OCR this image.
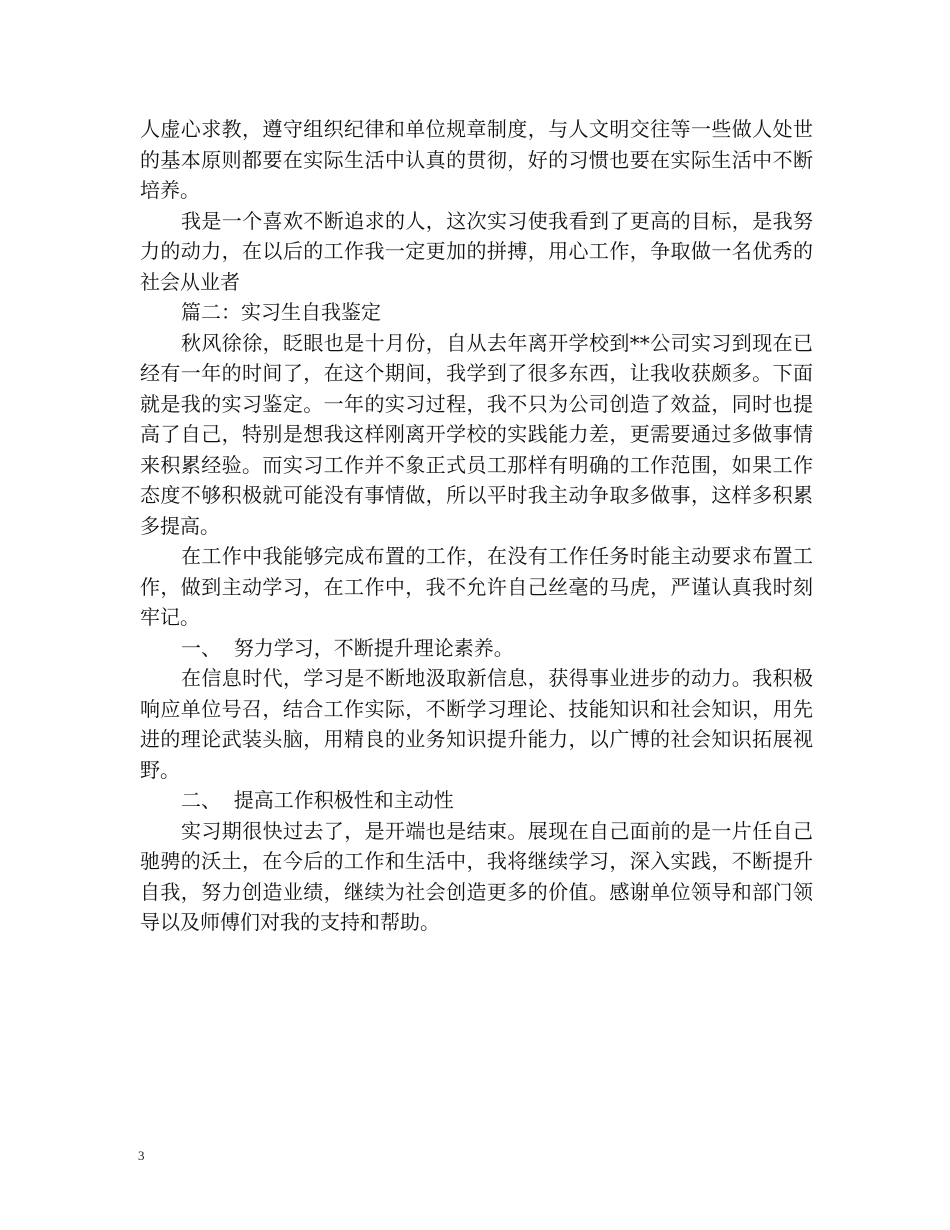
人虚心求教，遵守组织纪律和单位规章制度，与人文明交往等一些做人处世的基本原则都要在实际生活中认真的贯彻，好的习惯也要在实际生活中不断培养。

我是一个喜欢不断追求的人，这次实习使我看到了更高的目标，是我努力的动力，在以后的工作我一定更加的拼搏，用心工作，争取做一名优秀的社会从业者

篇二：实习生自我鉴定

秋风徐徐，眨眼也是十月份，自从去年离开学校到**公司实习到现在已经有一年的时间了，在这个期间，我学到了很多东西，让我收获颇多。下面就是我的实习鉴定。一年的实习过程，我不只为公司创造了效益，同时也提高了自己，特别是想我这样刚离开学校的实践能力差，更需要通过多做事情来积累经验。而实习工作并不象正式员工那样有明确的工作范围，如果工作态度不够积极就可能没有事情做，所以平时我主动争取多做事，这样多积累多提高。

在工作中我能够完成布置的工作，在没有工作任务时能主动要求布置工作，做到主动学习，在工作中，我不允许自己丝毫的马虎，严谨认真我时刻牢记。

一、  努力学习，不断提升理论素养。

在信息时代，学习是不断地汲取新信息，获得事业进步的动力。我积极响应单位号召，结合工作实际，不断学习理论、技能知识和社会知识，用先进的理论武装头脑，用精良的业务知识提升能力，以广博的社会知识拓展视野。

二、  提高工作积极性和主动性

实习期很快过去了，是开端也是结束。展现在自己面前的是一片任自己驰骋的沃土，在今后的工作和生活中，我将继续学习，深入实践，不断提升自我，努力创造业绩，继续为社会创造更多的价值。感谢单位领导和部门领导以及师傅们对我的支持和帮助。

3
